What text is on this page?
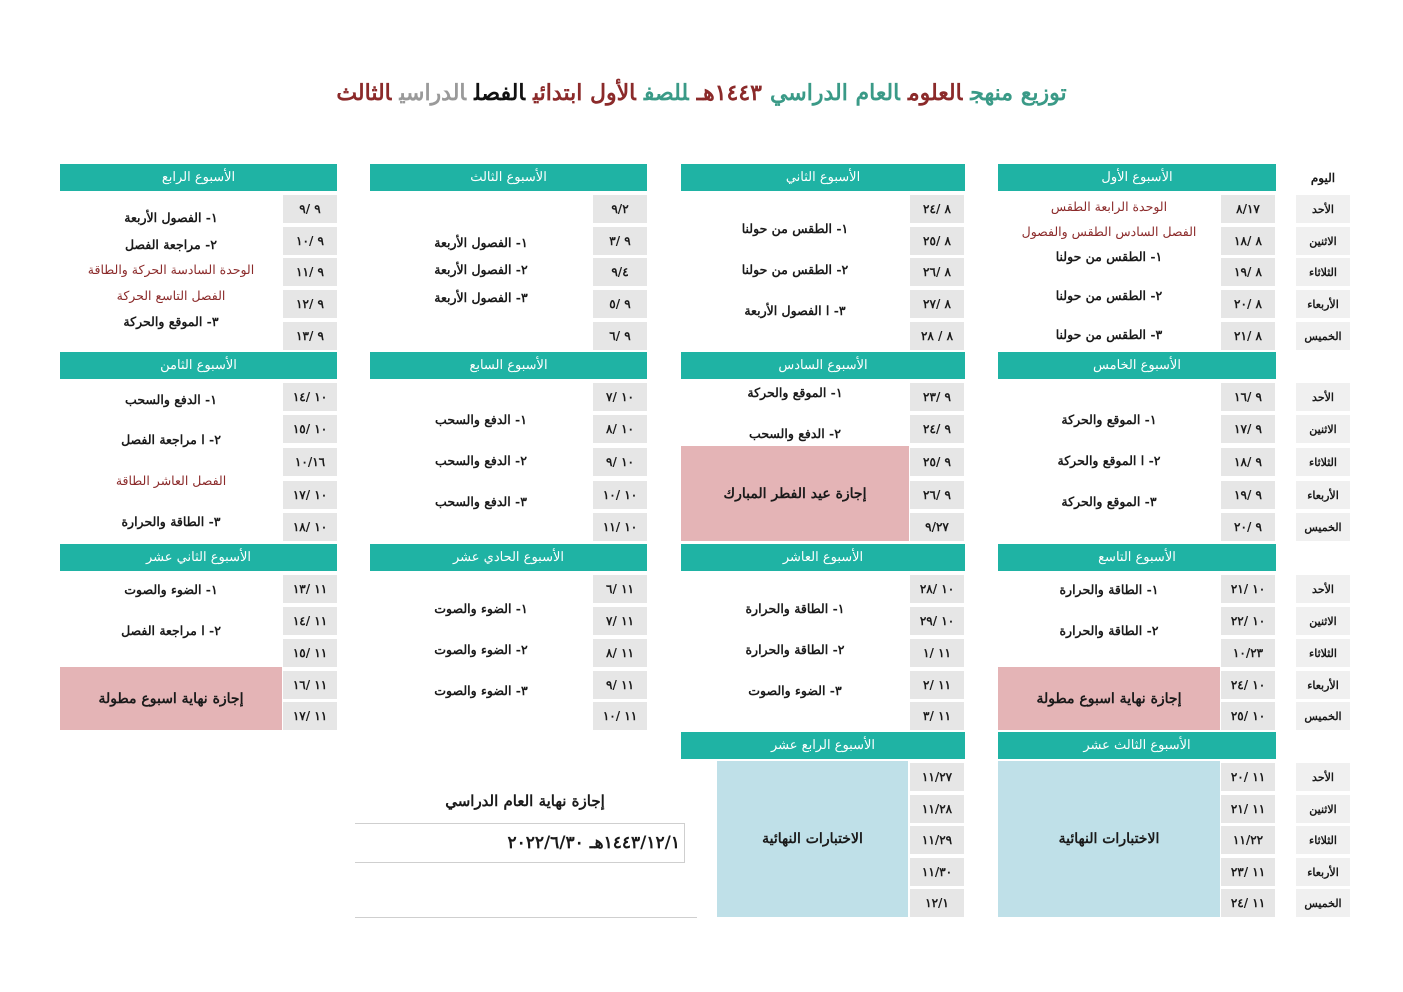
توزيع منهجالعلومالعام الدراسي١٤٤٣هـللصفالأول ابتدائيالفصلالدراسيالثالث
اليوم
الأحد
الاثنين
الثلاثاء
الأربعاء
الخميس
الأحد
الاثنين
الثلاثاء
الأربعاء
الخميس
الأحد
الاثنين
الثلاثاء
الأربعاء
الخميس
الأحد
الاثنين
الثلاثاء
الأربعاء
الخميس
الأسبوع الأول
٨/١٧
٨ /١٨
٨ /١٩
٨ /٢٠
٨ /٢١
الوحدة الرابعة الطقس
الفصل السادس الطقس والفصول
١- الطقس من حولنا
٢- الطقس من حولنا
٣- الطقس من حولنا
الأسبوع الثاني
٨ /٢٤
٨ /٢٥
٨ /٢٦
٨ /٢٧
٨ / ٢٨
١- الطقس من حولنا
٢- الطقس من حولنا
٣- ا الفصول الأربعة
الأسبوع الثالث
٩/٢
٩ /٣
٩/٤
٩ /٥
٩ /٦
١- الفصول الأربعة
٢- الفصول الأربعة
٣- الفصول الأربعة
الأسبوع الرابع
٩ /٩
٩ /١٠
٩ /١١
٩ /١٢
٩ /١٣
١- الفصول الأربعة
٢- مراجعة الفصل
الوحدة السادسة الحركة والطاقة
الفصل التاسع الحركة
٣- الموقع والحركة
الأسبوع الخامس
٩ /١٦
٩ /١٧
٩ /١٨
٩ /١٩
٩ /٢٠
١- الموقع والحركة
٢- ا الموقع والحركة
٣- الموقع والحركة
الأسبوع السادس
٩ /٢٣
٩ /٢٤
٩ /٢٥
٩ /٢٦
٩/٢٧
١- الموقع والحركة
٢- الدفع والسحب
إجازة عيد الفطر المبارك
الأسبوع السابع
١٠ /٧
١٠ /٨
١٠ /٩
١٠ /١٠
١٠ /١١
١- الدفع والسحب
٢- الدفع والسحب
٣- الدفع والسحب
الأسبوع الثامن
١٠ /١٤
١٠ /١٥
١٠/١٦
١٠ /١٧
١٠ /١٨
١- الدفع والسحب
٢- ا مراجعة الفصل
الفصل العاشر الطاقة
٣- الطاقة والحرارة
الأسبوع التاسع
١٠ /٢١
١٠ /٢٢
١٠/٢٣
١٠ /٢٤
١٠ /٢٥
١- الطاقة والحرارة
٢- الطاقة والحرارة
إجازة نهاية اسبوع مطولة
الأسبوع العاشر
١٠ /٢٨
١٠ /٢٩
١١ /١
١١ /٢
١١ /٣
١- الطاقة والحرارة
٢- الطاقة والحرارة
٣- الضوء والصوت
الأسبوع الحادي عشر
١١ /٦
١١ /٧
١١ /٨
١١ /٩
١١ /١٠
١- الضوء والصوت
٢- الضوء والصوت
٣- الضوء والصوت
الأسبوع الثاني عشر
١١ /١٣
١١ /١٤
١١ /١٥
١١ /١٦
١١ /١٧
١- الضوء والصوت
٢- ا مراجعة الفصل
إجازة نهاية اسبوع مطولة
الأسبوع الثالث عشر
١١ /٢٠
١١ /٢١
١١/٢٢
١١ /٢٣
١١ /٢٤
الاختبارات النهائية
الأسبوع الرابع عشر
١١/٢٧
١١/٢٨
١١/٢٩
١١/٣٠
١٢/١
الاختبارات النهائية
إجازة نهاية العام الدراسي
١٤٤٣/١٢/١هـ ٢٠٢٢/٦/٣٠
